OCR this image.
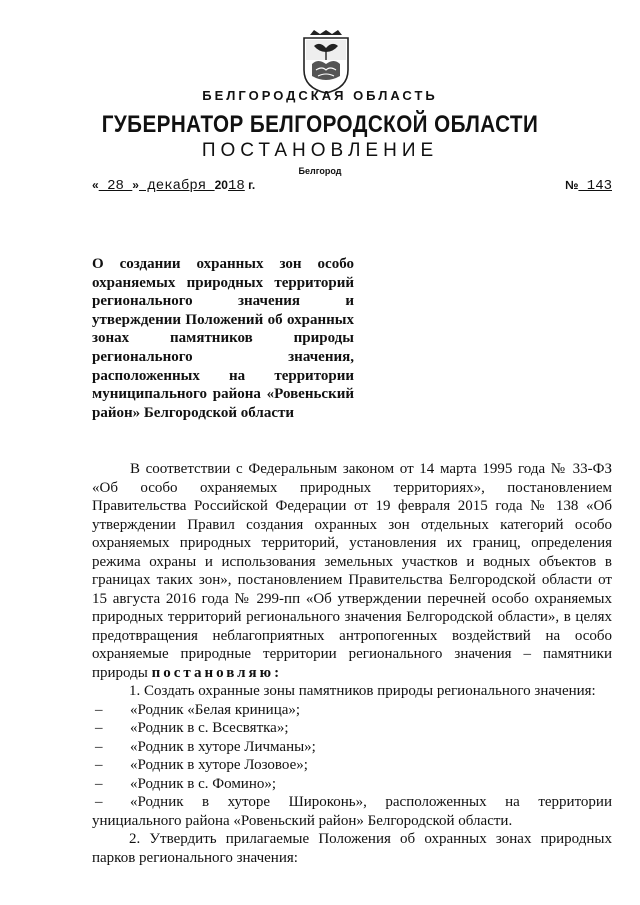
БЕЛГОРОДСКАЯ ОБЛАСТЬ
ГУБЕРНАТОР БЕЛГОРОДСКОЙ ОБЛАСТИ
ПОСТАНОВЛЕНИЕ
Белгород
« 28 » декабря 2018 г.	№ 143
О создании охранных зон особо охраняемых природных территорий регионального значения и утверждении Положений об охранных зонах памятников природы регионального значения, расположенных на территории муниципального района «Ровеньский район» Белгородской области

В соответствии с Федеральным законом от 14 марта 1995 года № 33-ФЗ «Об особо охраняемых природных территориях», постановлением Правительства Российской Федерации от 19 февраля 2015 года № 138 «Об утверждении Правил создания охранных зон отдельных категорий особо охраняемых природных территорий, установления их границ, определения режима охраны и использования земельных участков и водных объектов в границах таких зон», постановлением Правительства Белгородской области от 15 августа 2016 года № 299-пп «Об утверждении перечней особо охраняемых природных территорий регионального значения Белгородской области», в целях предотвращения неблагоприятных антропогенных воздействий на особо охраняемые природные территории регионального значения – памятники природы постановляю:

1. Создать охранные зоны памятников природы регионального значения:

–	«Родник «Белая криница»;
–	«Родник в с. Всесвятка»;
–	«Родник в хуторе Личманы»;
–	«Родник в хуторе Лозовое»;
–	«Родник в с. Фомино»;
–	«Родник в хуторе Широконь», расположенных на территории

унициального района «Ровеньский район» Белгородской области.

2. Утвердить прилагаемые Положения об охранных зонах природных

парков регионального значения:
